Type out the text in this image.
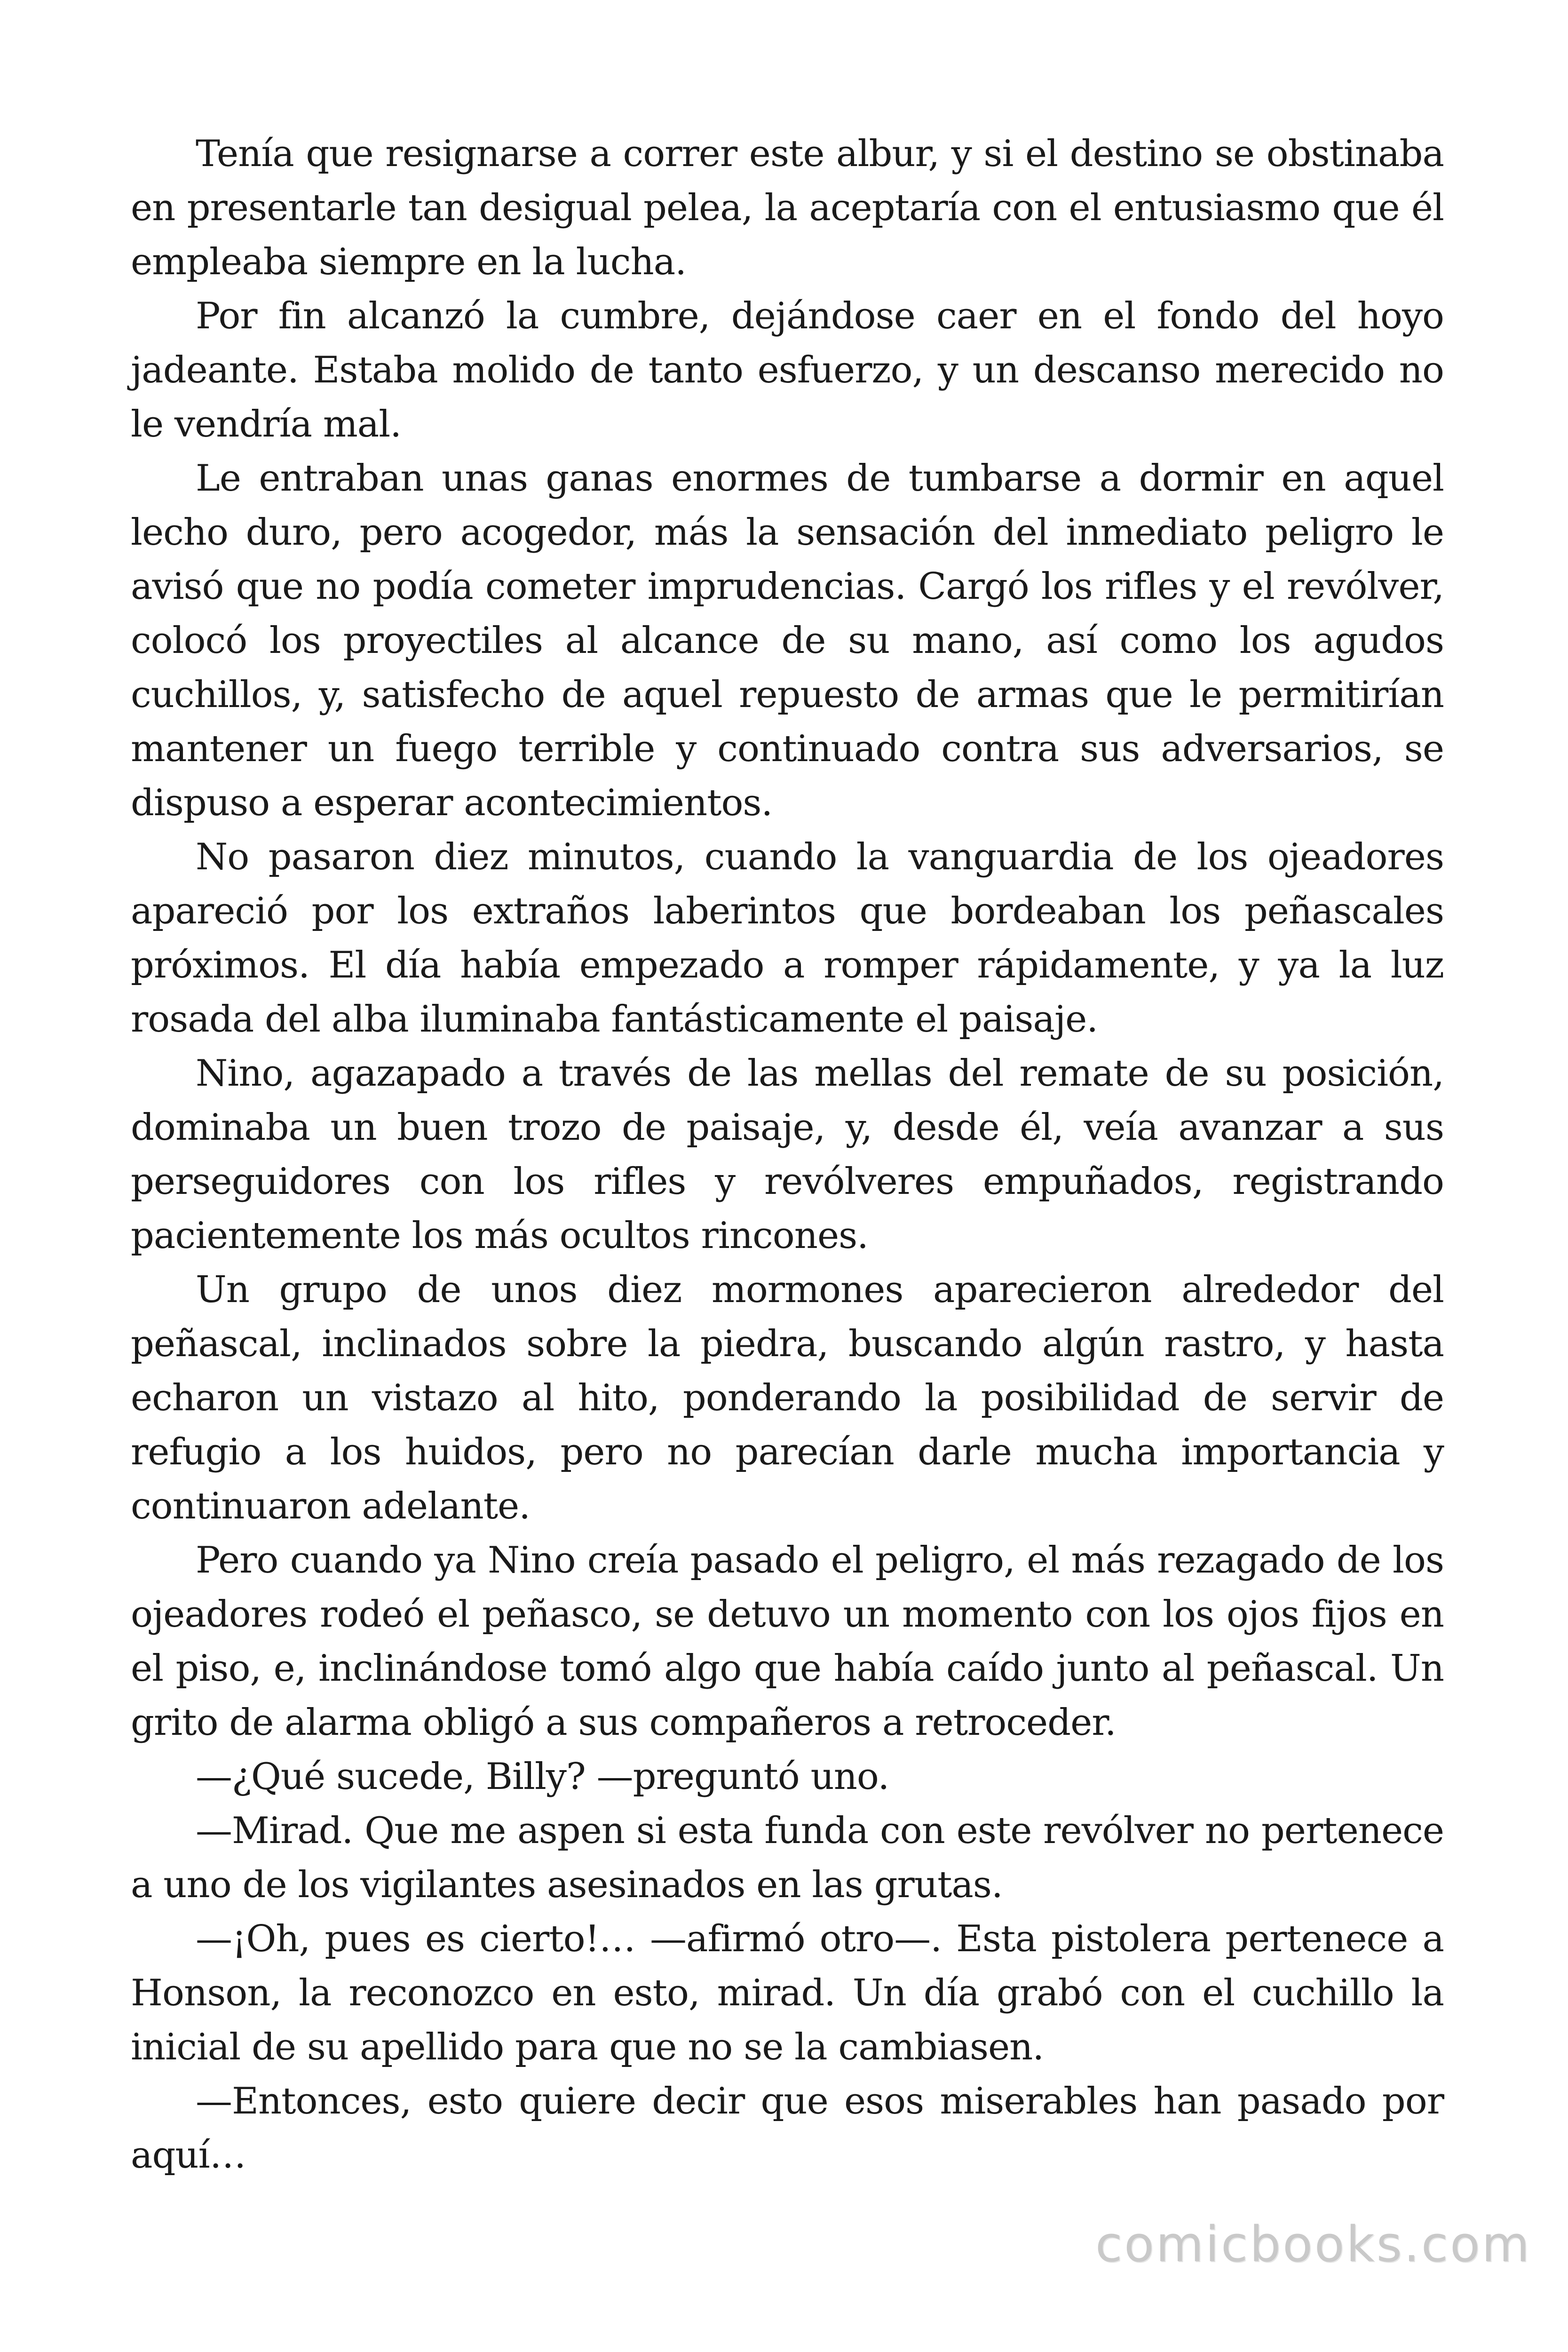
Tenía que resignarse a correr este albur, y si el destino se obstinaba en presentarle tan desigual pelea, la aceptaría con el entusiasmo que él empleaba siempre en la lucha.

Por fin alcanzó la cumbre, dejándose caer en el fondo del hoyo jadeante. Estaba molido de tanto esfuerzo, y un descanso merecido no le vendría mal.

Le entraban unas ganas enormes de tumbarse a dormir en aquel lecho duro, pero acogedor, más la sensación del inmediato peligro le avisó que no podía cometer imprudencias. Cargó los rifles y el revólver, colocó los proyectiles al alcance de su mano, así como los agudos cuchillos, y, satisfecho de aquel repuesto de armas que le permitirían mantener un fuego terrible y continuado contra sus adversarios, se dispuso a esperar acontecimientos.

No pasaron diez minutos, cuando la vanguardia de los ojeadores apareció por los extraños laberintos que bordeaban los peñascales próximos. El día había empezado a romper rápidamente, y ya la luz rosada del alba iluminaba fantásticamente el paisaje.

Nino, agazapado a través de las mellas del remate de su posición, dominaba un buen trozo de paisaje, y, desde él, veía avanzar a sus perseguidores con los rifles y revólveres empuñados, registrando pacientemente los más ocultos rincones.

Un grupo de unos diez mormones aparecieron alrededor del peñascal, inclinados sobre la piedra, buscando algún rastro, y hasta echaron un vistazo al hito, ponderando la posibilidad de servir de refugio a los huidos, pero no parecían darle mucha importancia y continuaron adelante.

Pero cuando ya Nino creía pasado el peligro, el más rezagado de los ojeadores rodeó el peñasco, se detuvo un momento con los ojos fijos en el piso, e, inclinándose tomó algo que había caído junto al peñascal. Un grito de alarma obligó a sus compañeros a retroceder.

—¿Qué sucede, Billy? —preguntó uno.

—Mirad. Que me aspen si esta funda con este revólver no pertenece a uno de los vigilantes asesinados en las grutas.

—¡Oh, pues es cierto!… —afirmó otro—. Esta pistolera pertenece a Honson, la reconozco en esto, mirad. Un día grabó con el cuchillo la inicial de su apellido para que no se la cambiasen.

—Entonces, esto quiere decir que esos miserables han pasado por aquí…

comicbooks.com
